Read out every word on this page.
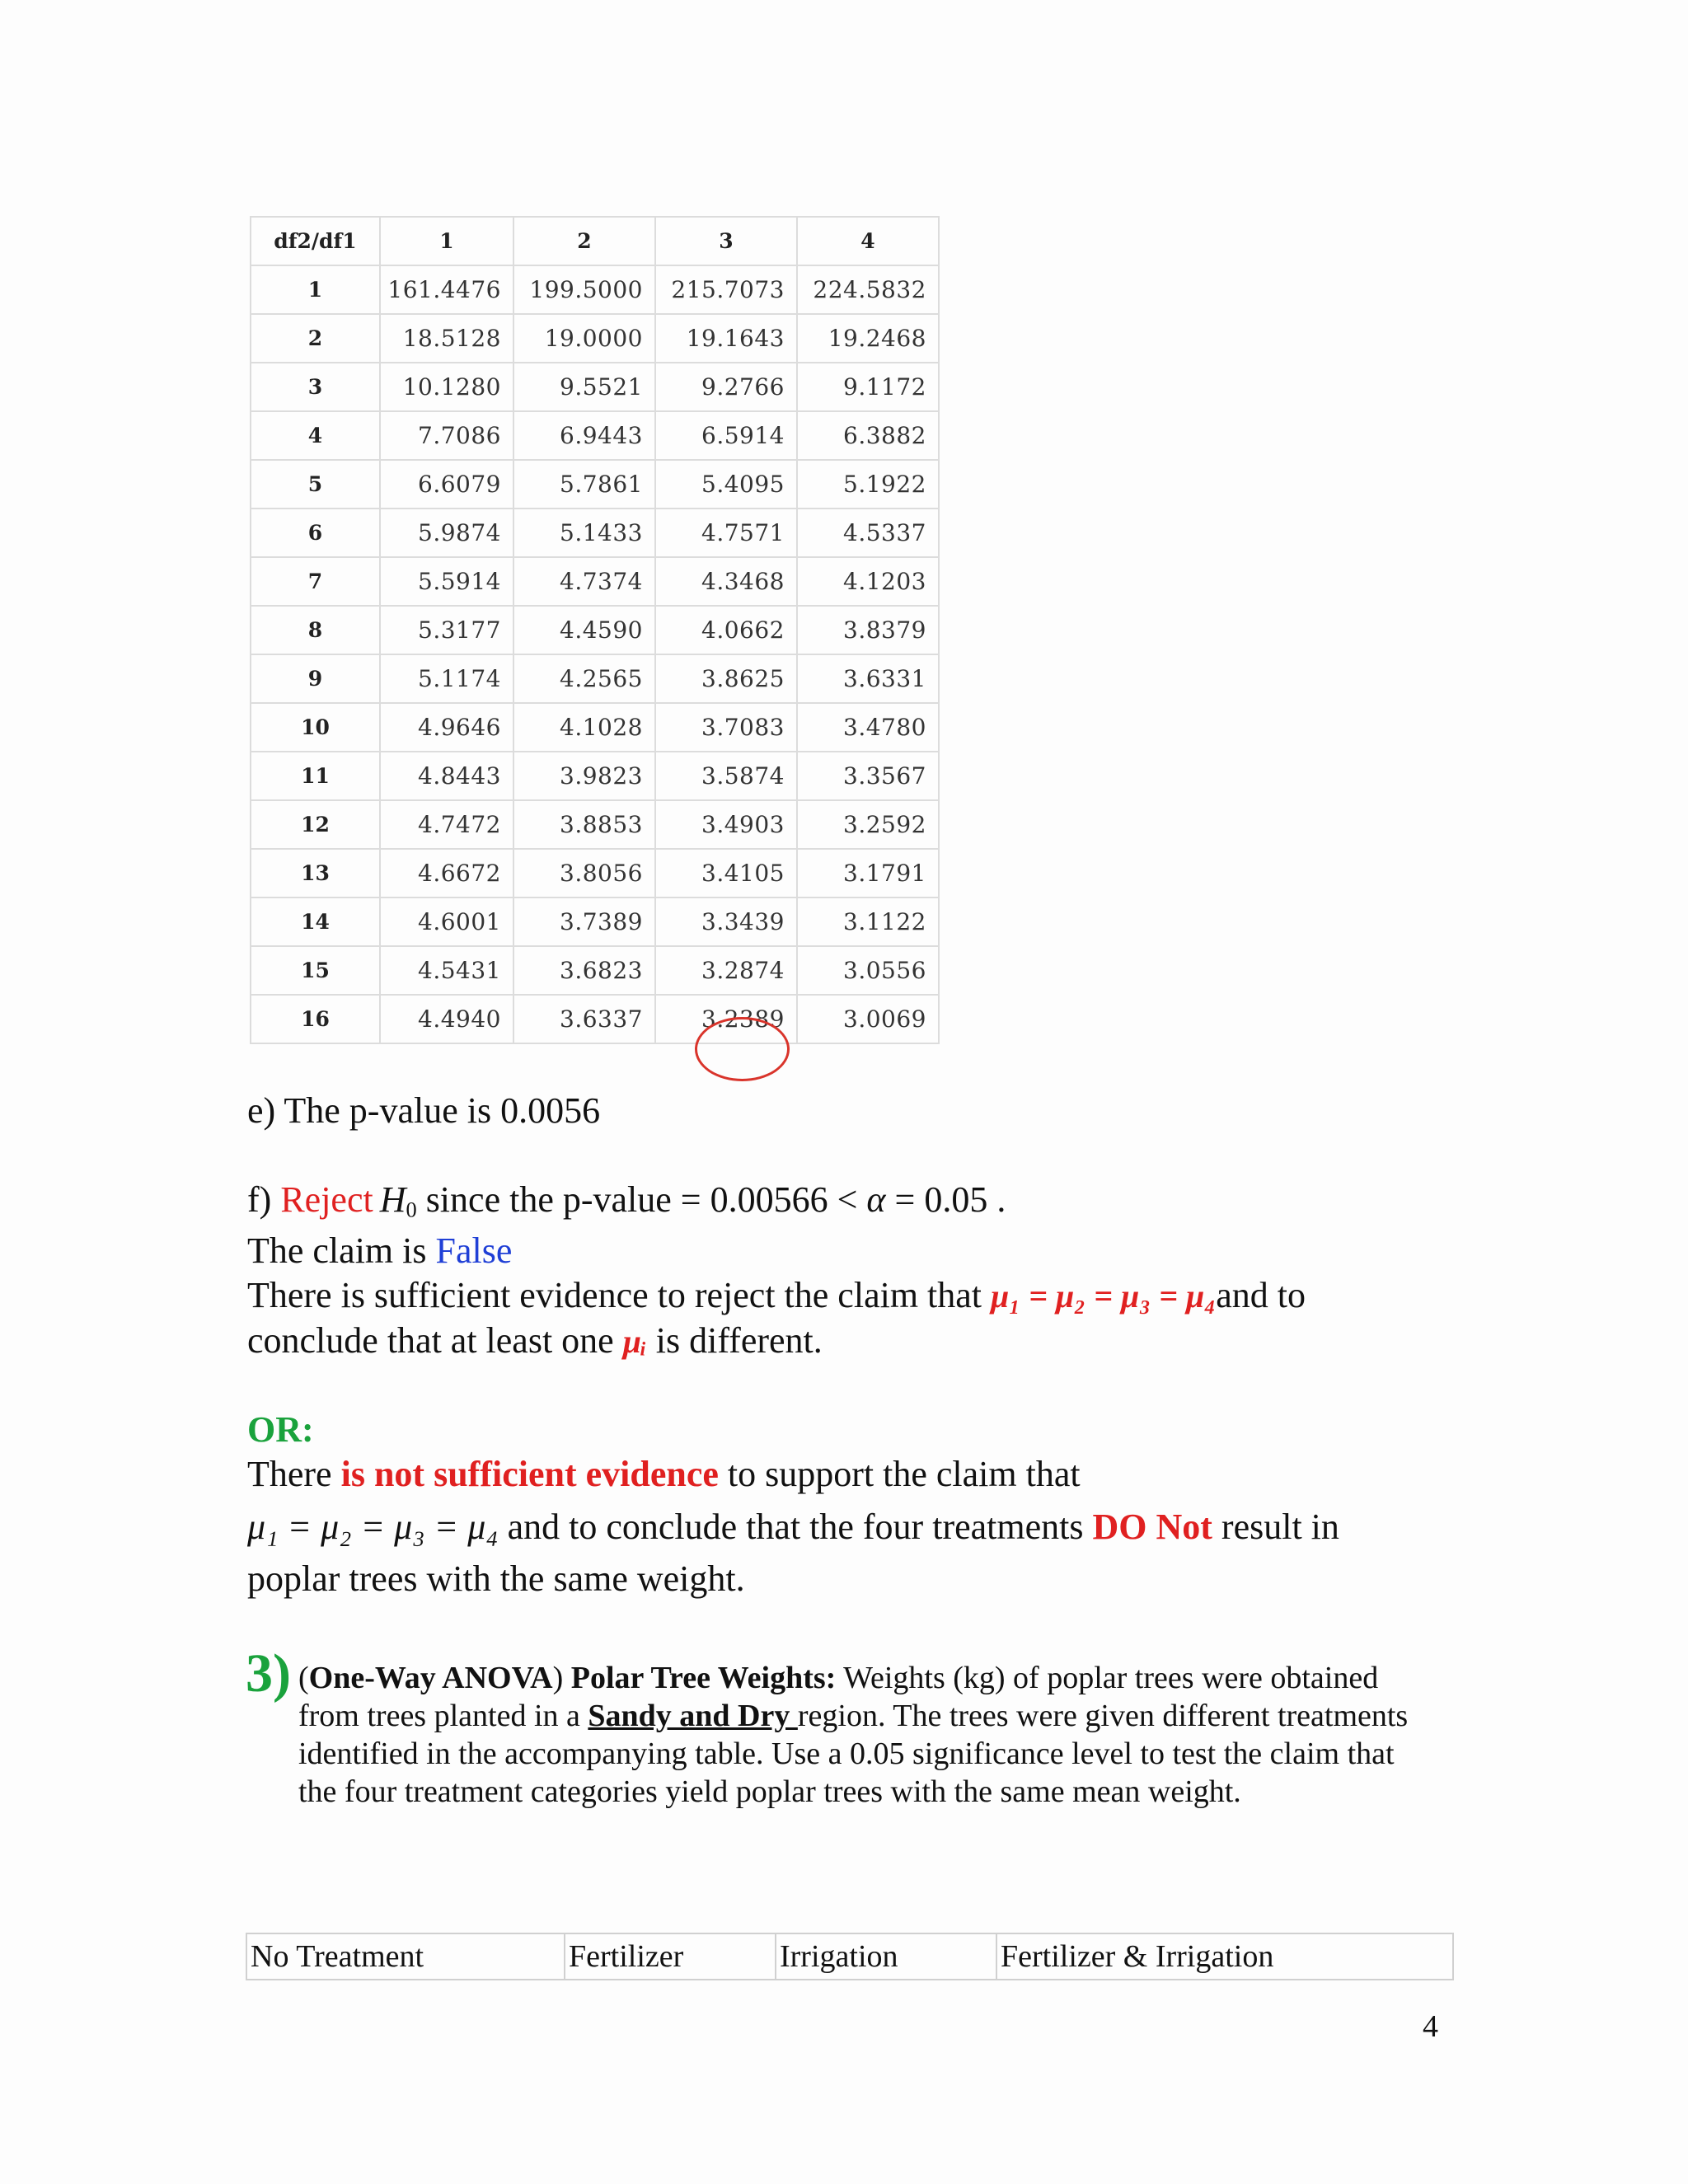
df2/df1	1	2	3	4
1	161.4476	199.5000	215.7073	224.5832
2	18.5128	19.0000	19.1643	19.2468
3	10.1280	9.5521	9.2766	9.1172
4	7.7086	6.9443	6.5914	6.3882
5	6.6079	5.7861	5.4095	5.1922
6	5.9874	5.1433	4.7571	4.5337
7	5.5914	4.7374	4.3468	4.1203
8	5.3177	4.4590	4.0662	3.8379
9	5.1174	4.2565	3.8625	3.6331
10	4.9646	4.1028	3.7083	3.4780
11	4.8443	3.9823	3.5874	3.3567
12	4.7472	3.8853	3.4903	3.2592
13	4.6672	3.8056	3.4105	3.1791
14	4.6001	3.7389	3.3439	3.1122
15	4.5431	3.6823	3.2874	3.0556
16	4.4940	3.6337	3.2389	3.0069
e) The p-value is 0.0056
f) Reject $H_0$ since the p-value = 0.00566 < α = 0.05 .
The claim is False
There is sufficient evidence to reject the claim that μ₁ = μ₂ = μ₃ = μ₄and to
conclude that at least one μᵢ is different.
OR:
There is not sufficient evidence to support the claim that
μ₁ = μ₂ = μ₃ = μ₄ and to conclude that the four treatments DO Not result in
poplar trees with the same weight.
3) (One-Way ANOVA) Polar Tree Weights: Weights (kg) of poplar trees were obtained from trees planted in a Sandy and Dry region. The trees were given different treatments identified in the accompanying table. Use a 0.05 significance level to test the claim that the four treatment categories yield poplar trees with the same mean weight.
No Treatment	Fertilizer	Irrigation	Fertilizer & Irrigation
4
